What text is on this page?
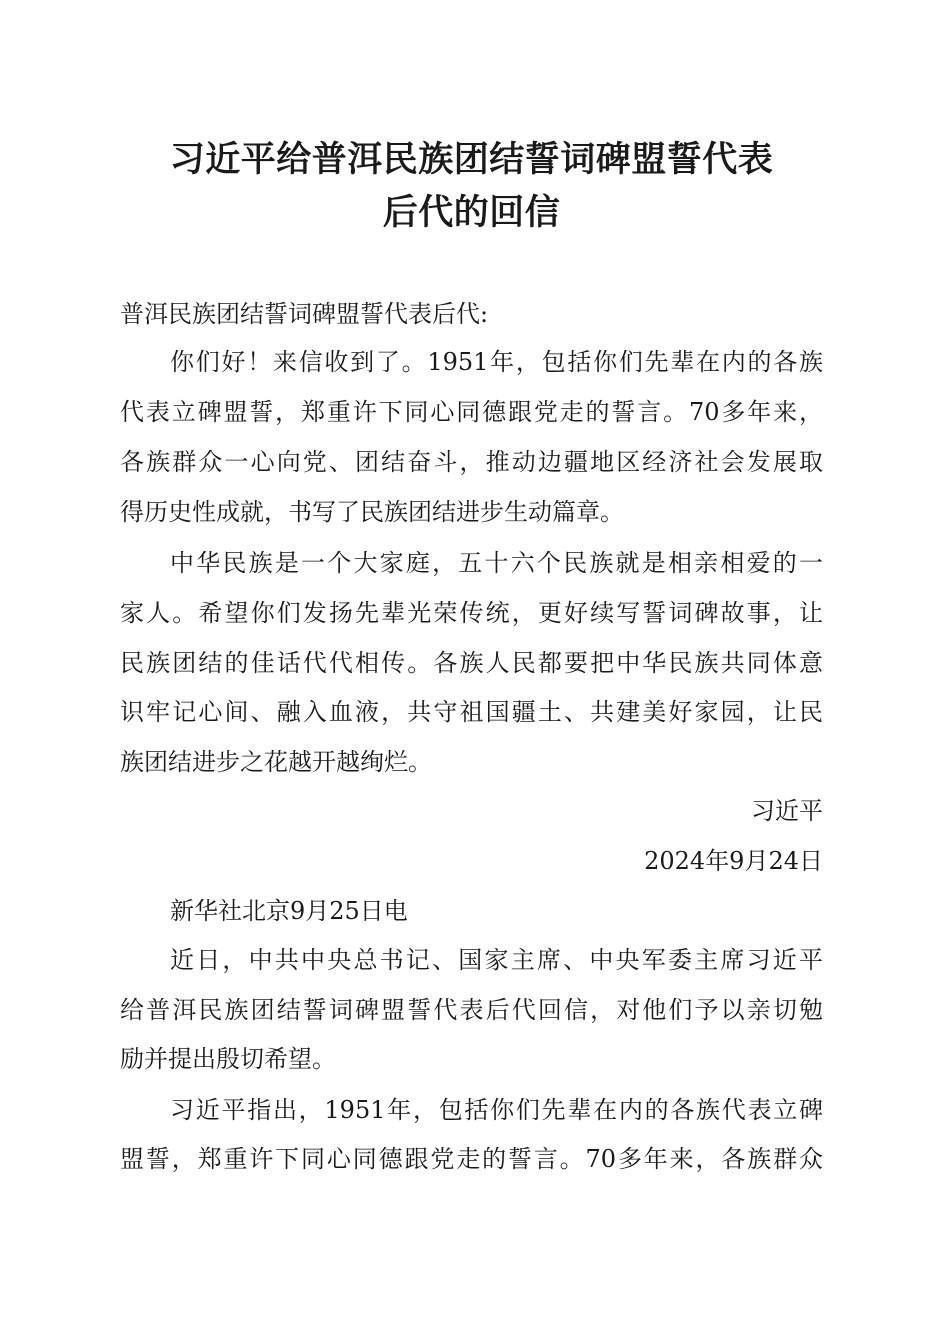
习近平给普洱民族团结誓词碑盟誓代表
后代的回信
普洱民族团结誓词碑盟誓代表后代:
你们好！来信收到了。1951年，包括你们先辈在内的各族
代表立碑盟誓，郑重许下同心同德跟党走的誓言。70多年来，
各族群众一心向党、团结奋斗，推动边疆地区经济社会发展取
得历史性成就，书写了民族团结进步生动篇章。
中华民族是一个大家庭，五十六个民族就是相亲相爱的一
家人。希望你们发扬先辈光荣传统，更好续写誓词碑故事，让
民族团结的佳话代代相传。各族人民都要把中华民族共同体意
识牢记心间、融入血液，共守祖国疆土、共建美好家园，让民
族团结进步之花越开越绚烂。
习近平
2024年9月24日
新华社北京9月25日电
近日，中共中央总书记、国家主席、中央军委主席习近平
给普洱民族团结誓词碑盟誓代表后代回信，对他们予以亲切勉
励并提出殷切希望。
习近平指出，1951年，包括你们先辈在内的各族代表立碑
盟誓，郑重许下同心同德跟党走的誓言。70多年来，各族群众
